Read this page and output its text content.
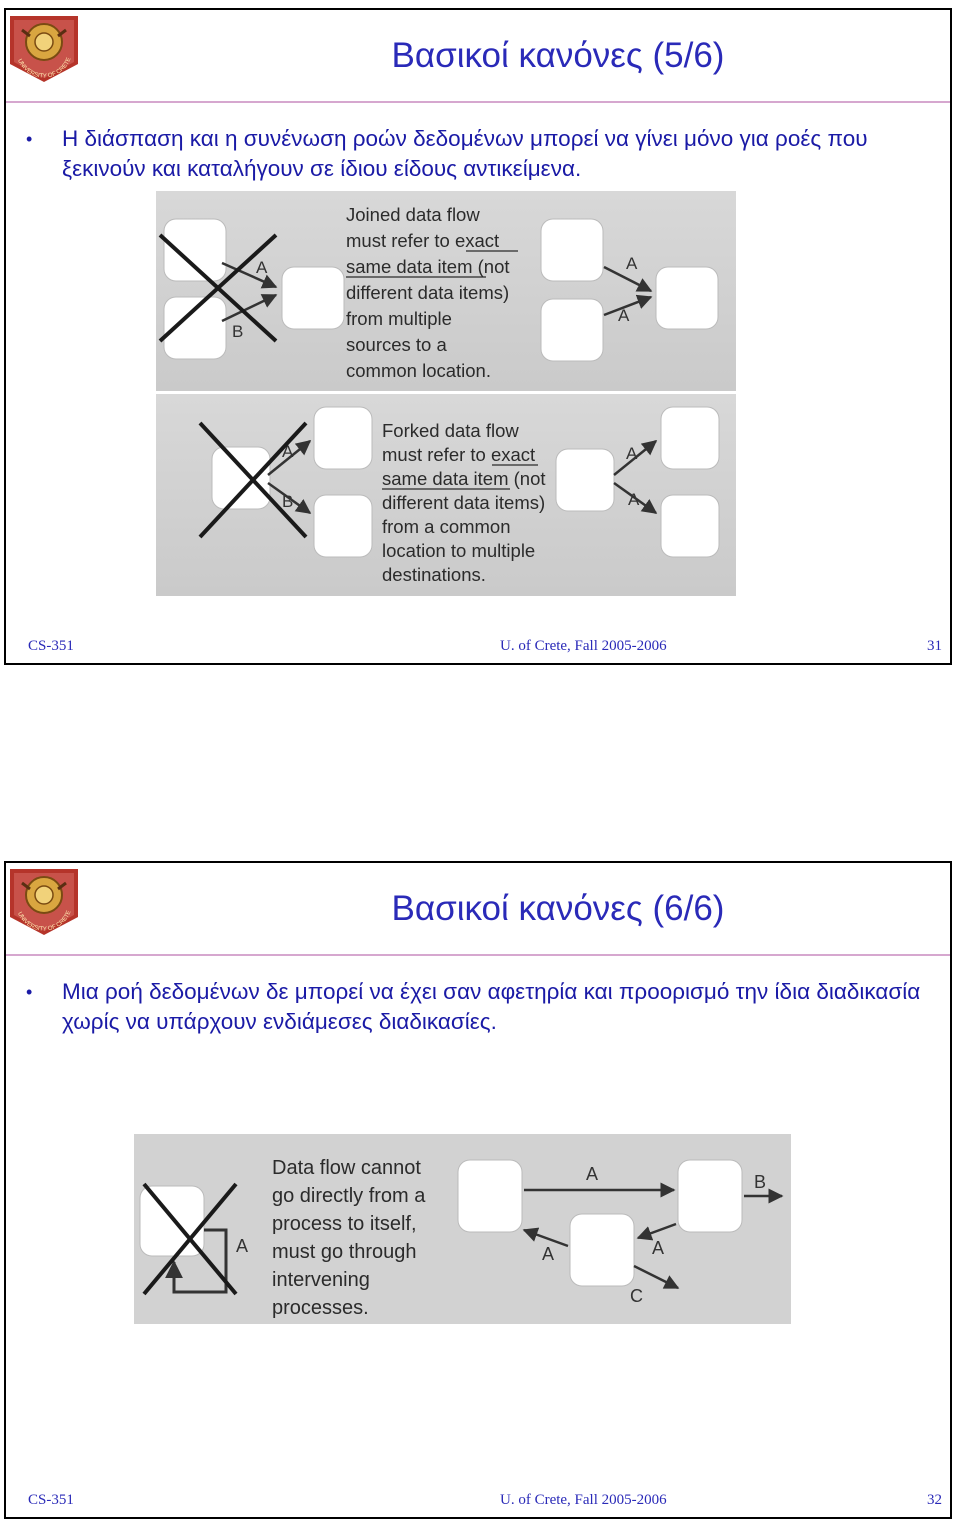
UNIVERSITY OF CRETE	Βασικοί κανόνες (5/6)
•	Η διάσπαση και η συνένωση ροών δεδομένων μπορεί να γίνει μόνο για ροές που ξεκινούν και καταλήγουν σε ίδιου είδους αντικείμενα.
A
B
A
A
Joined data flow
must refer to exact
same data item (not
different data items)
from multiple
sources to a
common location.
A
B
A
A
Forked data flow
must refer to exact
same data item (not
different data items)
from a common
location to multiple
destinations.
CS-351	U. of Crete, Fall 2005-2006	31
UNIVERSITY OF CRETE	Βασικοί κανόνες (6/6)
•	Μια ροή δεδομένων δε μπορεί να έχει σαν αφετηρία και προορισμό την ίδια διαδικασία χωρίς να υπάρχουν ενδιάμεσες διαδικασίες.
A
Data flow cannot
go directly from a
process to itself,
must go through
intervening
processes.
A	B
A	A
C
CS-351	U. of Crete, Fall 2005-2006	32
